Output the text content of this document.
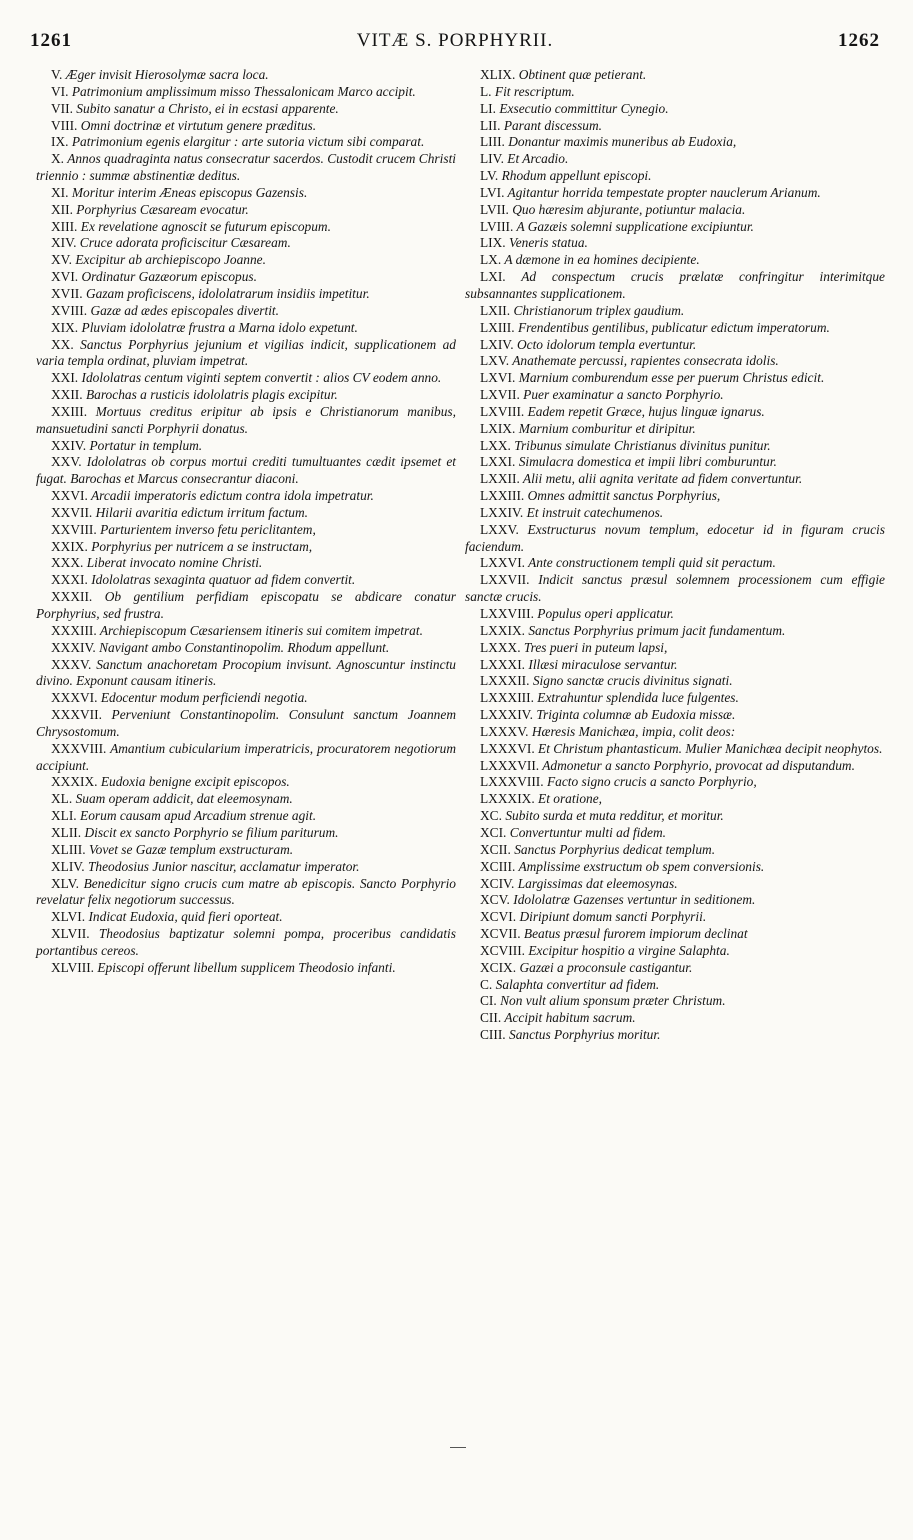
1261	VITÆ S. PORPHYRII.	1262

V. Æger invisit Hierosolymæ sacra loca.

VI. Patrimonium amplissimum misso Thessalonicam Marco accipit.

VII. Subito sanatur a Christo, ei in ecstasi apparente.

VIII. Omni doctrinæ et virtutum genere præditus.

IX. Patrimonium egenis elargitur : arte sutoria victum sibi comparat.

X. Annos quadraginta natus consecratur sacerdos. Custodit crucem Christi triennio : summæ abstinentiæ deditus.

XI. Moritur interim Æneas episcopus Gazensis.

XII. Porphyrius Cæsaream evocatur.

XIII. Ex revelatione agnoscit se futurum episcopum.

XIV. Cruce adorata proficiscitur Cæsaream.

XV. Excipitur ab archiepiscopo Joanne.

XVI. Ordinatur Gazæorum episcopus.

XVII. Gazam proficiscens, idololatrarum insidiis impetitur.

XVIII. Gazæ ad ædes episcopales divertit.

XIX. Pluviam idololatræ frustra a Marna idolo expetunt.

XX. Sanctus Porphyrius jejunium et vigilias indicit, supplicationem ad varia templa ordinat, pluviam impetrat.

XXI. Idololatras centum viginti septem convertit : alios CV eodem anno.

XXII. Barochas a rusticis idololatris plagis excipitur.

XXIII. Mortuus creditus eripitur ab ipsis e Christianorum manibus, mansuetudini sancti Porphyrii donatus.

XXIV. Portatur in templum.

XXV. Idololatras ob corpus mortui crediti tumultuantes cædit ipsemet et fugat. Barochas et Marcus consecrantur diaconi.

XXVI. Arcadii imperatoris edictum contra idola impetratur.

XXVII. Hilarii avaritia edictum irritum factum.

XXVIII. Parturientem inverso fetu periclitantem,

XXIX. Porphyrius per nutricem a se instructam,

XXX. Liberat invocato nomine Christi.

XXXI. Idololatras sexaginta quatuor ad fidem convertit.

XXXII. Ob gentilium perfidiam episcopatu se abdicare conatur Porphyrius, sed frustra.

XXXIII. Archiepiscopum Cæsariensem itineris sui comitem impetrat.

XXXIV. Navigant ambo Constantinopolim. Rhodum appellunt.

XXXV. Sanctum anachoretam Procopium invisunt. Agnoscuntur instinctu divino. Exponunt causam itineris.

XXXVI. Edocentur modum perficiendi negotia.

XXXVII. Perveniunt Constantinopolim. Consulunt sanctum Joannem Chrysostomum.

XXXVIII. Amantium cubicularium imperatricis, procuratorem negotiorum accipiunt.

XXXIX. Eudoxia benigne excipit episcopos.

XL. Suam operam addicit, dat eleemosynam.

XLI. Eorum causam apud Arcadium strenue agit.

XLII. Discit ex sancto Porphyrio se filium pariturum.

XLIII. Vovet se Gazæ templum exstructuram.

XLIV. Theodosius Junior nascitur, acclamatur imperator.

XLV. Benedicitur signo crucis cum matre ab episcopis. Sancto Porphyrio revelatur felix negotiorum successus.

XLVI. Indicat Eudoxia, quid fieri oporteat.

XLVII. Theodosius baptizatur solemni pompa, proceribus candidatis portantibus cereos.

XLVIII. Episcopi offerunt libellum supplicem Theodosio infanti.

XLIX. Obtinent quæ petierant.

L. Fit rescriptum.

LI. Exsecutio committitur Cynegio.

LII. Parant discessum.

LIII. Donantur maximis muneribus ab Eudoxia,

LIV. Et Arcadio.

LV. Rhodum appellunt episcopi.

LVI. Agitantur horrida tempestate propter nauclerum Arianum.

LVII. Quo hæresim abjurante, potiuntur malacia.

LVIII. A Gazæis solemni supplicatione excipiuntur.

LIX. Veneris statua.

LX. A dæmone in ea homines decipiente.

LXI. Ad conspectum crucis prælatæ confringitur interimitque subsannantes supplicationem.

LXII. Christianorum triplex gaudium.

LXIII. Frendentibus gentilibus, publicatur edictum imperatorum.

LXIV. Octo idolorum templa evertuntur.

LXV. Anathemate percussi, rapientes consecrata idolis.

LXVI. Marnium comburendum esse per puerum Christus edicit.

LXVII. Puer examinatur a sancto Porphyrio.

LXVIII. Eadem repetit Græce, hujus linguæ ignarus.

LXIX. Marnium comburitur et diripitur.

LXX. Tribunus simulate Christianus divinitus punitur.

LXXI. Simulacra domestica et impii libri comburuntur.

LXXII. Alii metu, alii agnita veritate ad fidem convertuntur.

LXXIII. Omnes admittit sanctus Porphyrius,

LXXIV. Et instruit catechumenos.

LXXV. Exstructurus novum templum, edocetur id in figuram crucis faciendum.

LXXVI. Ante constructionem templi quid sit peractum.

LXXVII. Indicit sanctus præsul solemnem processionem cum effigie sanctæ crucis.

LXXVIII. Populus operi applicatur.

LXXIX. Sanctus Porphyrius primum jacit fundamentum.

LXXX. Tres pueri in puteum lapsi,

LXXXI. Illæsi miraculose servantur.

LXXXII. Signo sanctæ crucis divinitus signati.

LXXXIII. Extrahuntur splendida luce fulgentes.

LXXXIV. Triginta columnæ ab Eudoxia missæ.

LXXXV. Hæresis Manichæa, impia, colit deos:

LXXXVI. Et Christum phantasticum. Mulier Manichæa decipit neophytos.

LXXXVII. Admonetur a sancto Porphyrio, provocat ad disputandum.

LXXXVIII. Facto signo crucis a sancto Porphyrio,

LXXXIX. Et oratione,

XC. Subito surda et muta redditur, et moritur.

XCI. Convertuntur multi ad fidem.

XCII. Sanctus Porphyrius dedicat templum.

XCIII. Amplissime exstructum ob spem conversionis.

XCIV. Largissimas dat eleemosynas.

XCV. Idololatræ Gazenses vertuntur in seditionem.

XCVI. Diripiunt domum sancti Porphyrii.

XCVII. Beatus præsul furorem impiorum declinat

XCVIII. Excipitur hospitio a virgine Salaphta.

XCIX. Gazæi a proconsule castigantur.

C. Salaphta convertitur ad fidem.

CI. Non vult alium sponsum præter Christum.

CII. Accipit habitum sacrum.

CIII. Sanctus Porphyrius moritur.
